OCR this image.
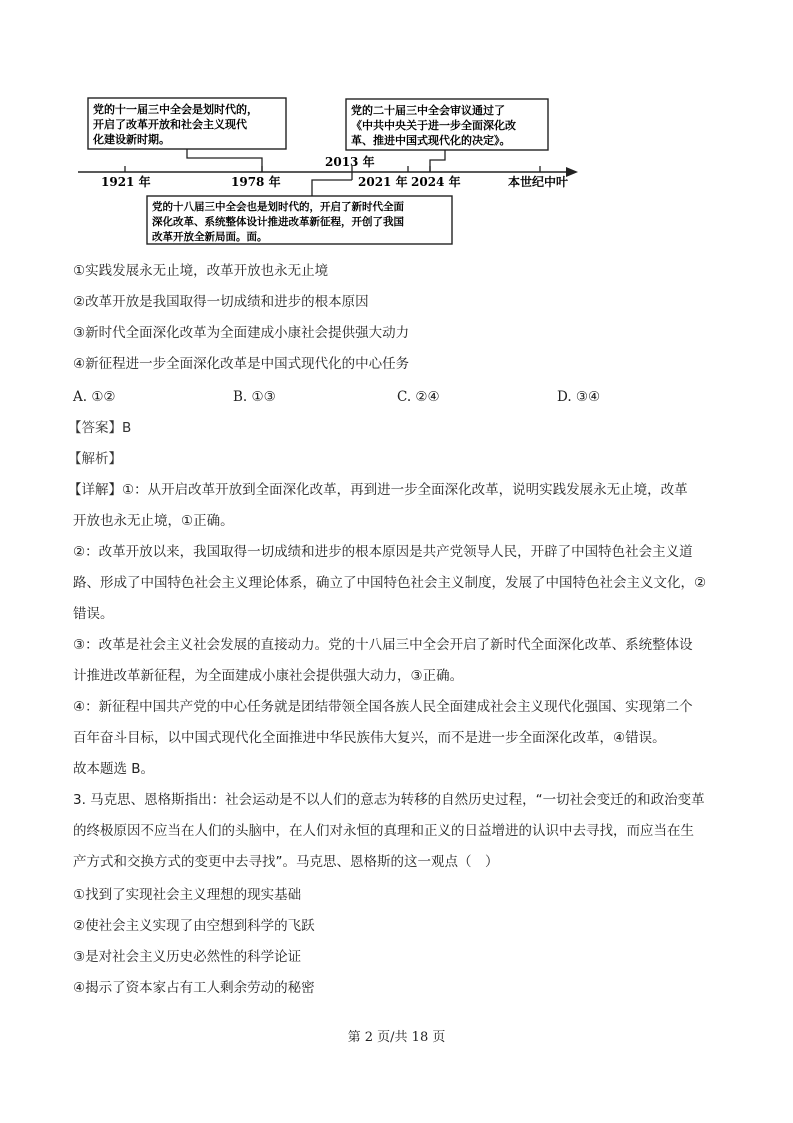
党的十一届三中全会是划时代的，
开启了改革开放和社会主义现代
化建设新时期。
党的二十届三中全会审议通过了
《中共中央关于进一步全面深化改
革、推进中国式现代化的决定》。
2013 年
1921 年	1978 年	2021 年 2024 年	本世纪中叶
党的十八届三中全会也是划时代的，开启了新时代全面
深化改革、系统整体设计推进改革新征程，开创了我国
改革开放全新局面。面。
①实践发展永无止境，改革开放也永无止境
②改革开放是我国取得一切成绩和进步的根本原因
③新时代全面深化改革为全面建成小康社会提供强大动力
④新征程进一步全面深化改革是中国式现代化的中心任务
A. ①②	B. ①③	C. ②④	D. ③④
【答案】B
【解析】
【详解】①：从开启改革开放到全面深化改革，再到进一步全面深化改革，说明实践发展永无止境，改革
开放也永无止境，①正确。
②：改革开放以来，我国取得一切成绩和进步的根本原因是共产党领导人民，开辟了中国特色社会主义道
路、形成了中国特色社会主义理论体系，确立了中国特色社会主义制度，发展了中国特色社会主义文化，②
错误。
③：改革是社会主义社会发展的直接动力。党的十八届三中全会开启了新时代全面深化改革、系统整体设
计推进改革新征程，为全面建成小康社会提供强大动力，③正确。
④：新征程中国共产党的中心任务就是团结带领全国各族人民全面建成社会主义现代化强国、实现第二个
百年奋斗目标，以中国式现代化全面推进中华民族伟大复兴，而不是进一步全面深化改革，④错误。
故本题选 B。
3. 马克思、恩格斯指出：社会运动是不以人们的意志为转移的自然历史过程，“一切社会变迁的和政治变革
的终极原因不应当在人们的头脑中，在人们对永恒的真理和正义的日益增进的认识中去寻找，而应当在生
产方式和交换方式的变更中去寻找”。马克思、恩格斯的这一观点（　）
①找到了实现社会主义理想的现实基础
②使社会主义实现了由空想到科学的飞跃
③是对社会主义历史必然性的科学论证
④揭示了资本家占有工人剩余劳动的秘密
第 2 页/共 18 页
